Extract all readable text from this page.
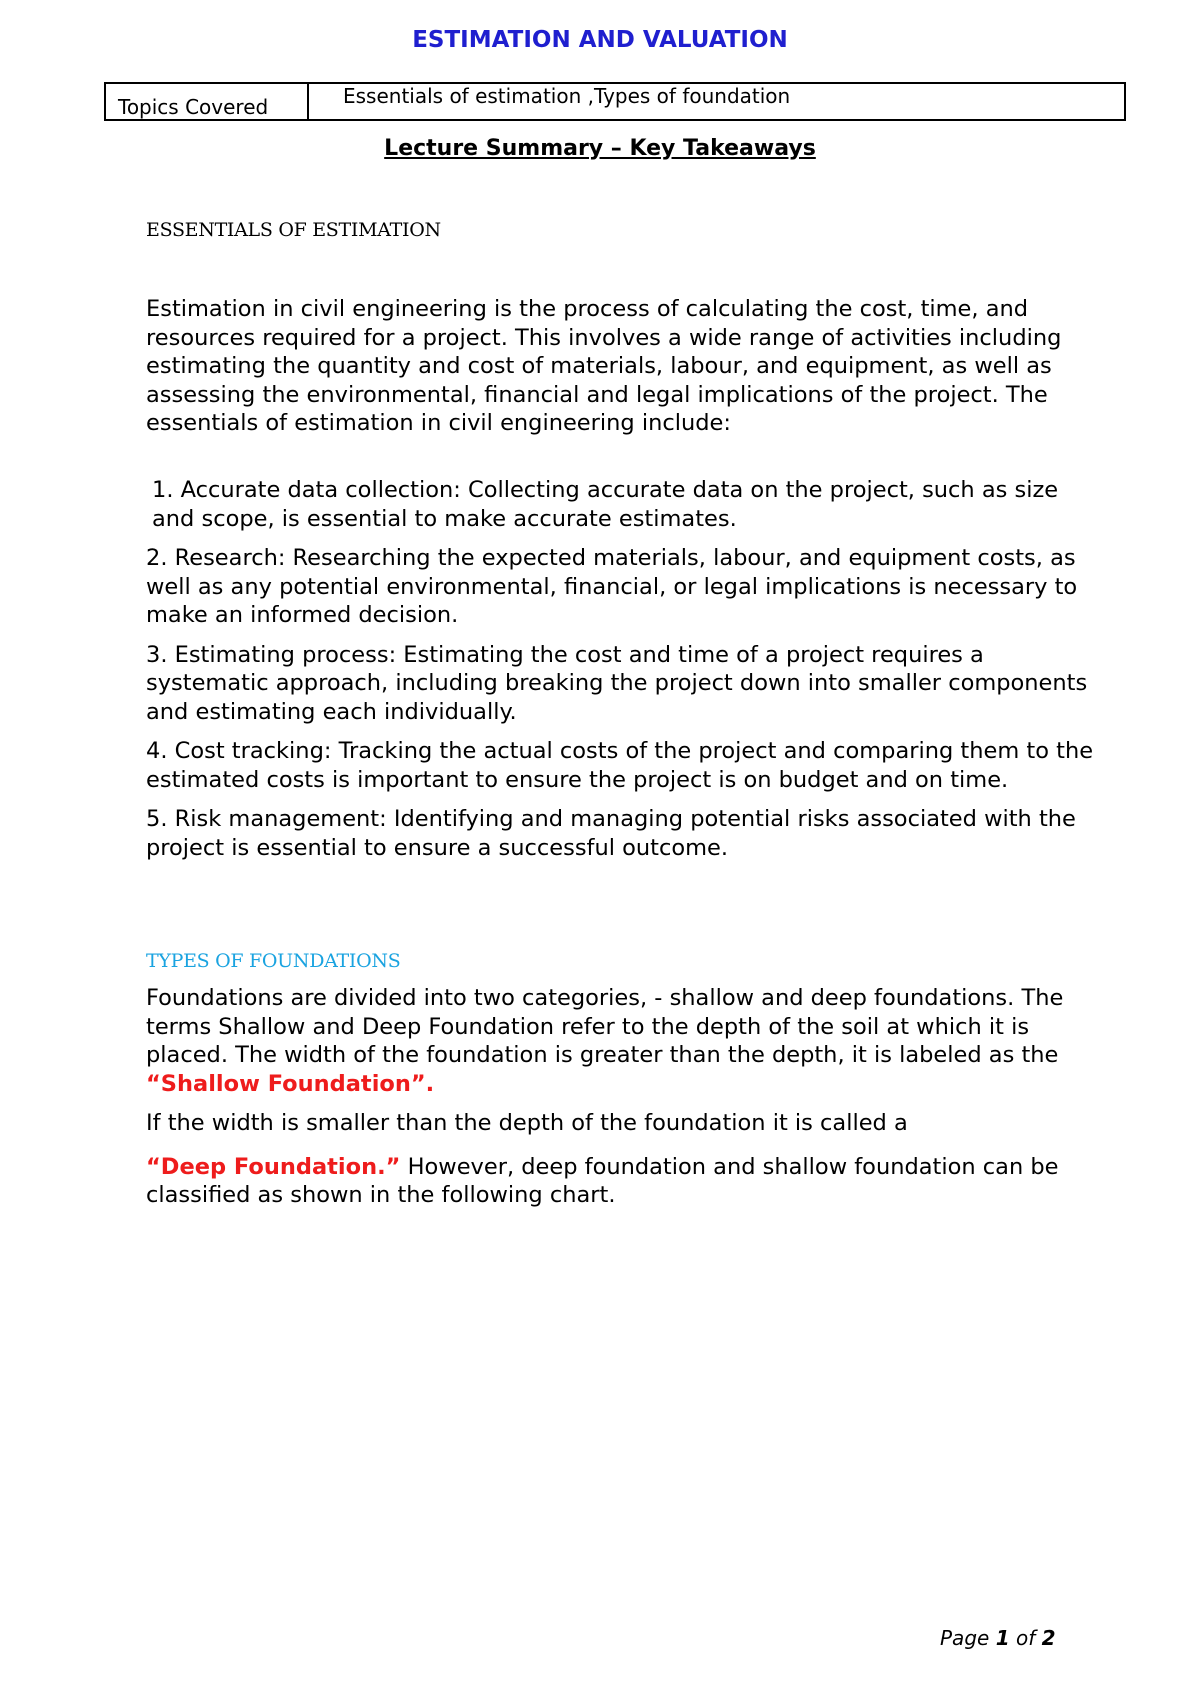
ESTIMATION AND VALUATION
Topics Covered	Essentials of estimation ,Types of foundation
Lecture Summary – Key Takeaways
ESSENTIALS OF ESTIMATION

Estimation in civil engineering is the process of calculating the cost, time, and resources required for a project. This involves a wide range of activities including estimating the quantity and cost of materials, labour, and equipment, as well as assessing the environmental, financial and legal implications of the project. The essentials of estimation in civil engineering include:

1. Accurate data collection: Collecting accurate data on the project, such as size and scope, is essential to make accurate estimates.

2. Research: Researching the expected materials, labour, and equipment costs, as well as any potential environmental, financial, or legal implications is necessary to make an informed decision.

3. Estimating process: Estimating the cost and time of a project requires a systematic approach, including breaking the project down into smaller components and estimating each individually.

4. Cost tracking: Tracking the actual costs of the project and comparing them to the estimated costs is important to ensure the project is on budget and on time.

5. Risk management: Identifying and managing potential risks associated with the project is essential to ensure a successful outcome.

TYPES OF FOUNDATIONS

Foundations are divided into two categories, - shallow and deep foundations. The terms Shallow and Deep Foundation refer to the depth of the soil at which it is placed. The width of the foundation is greater than the depth, it is labeled as the “Shallow Foundation”.

If the width is smaller than the depth of the foundation it is called a

“Deep Foundation.” However, deep foundation and shallow foundation can be classified as shown in the following chart.

Page 1 of 2
